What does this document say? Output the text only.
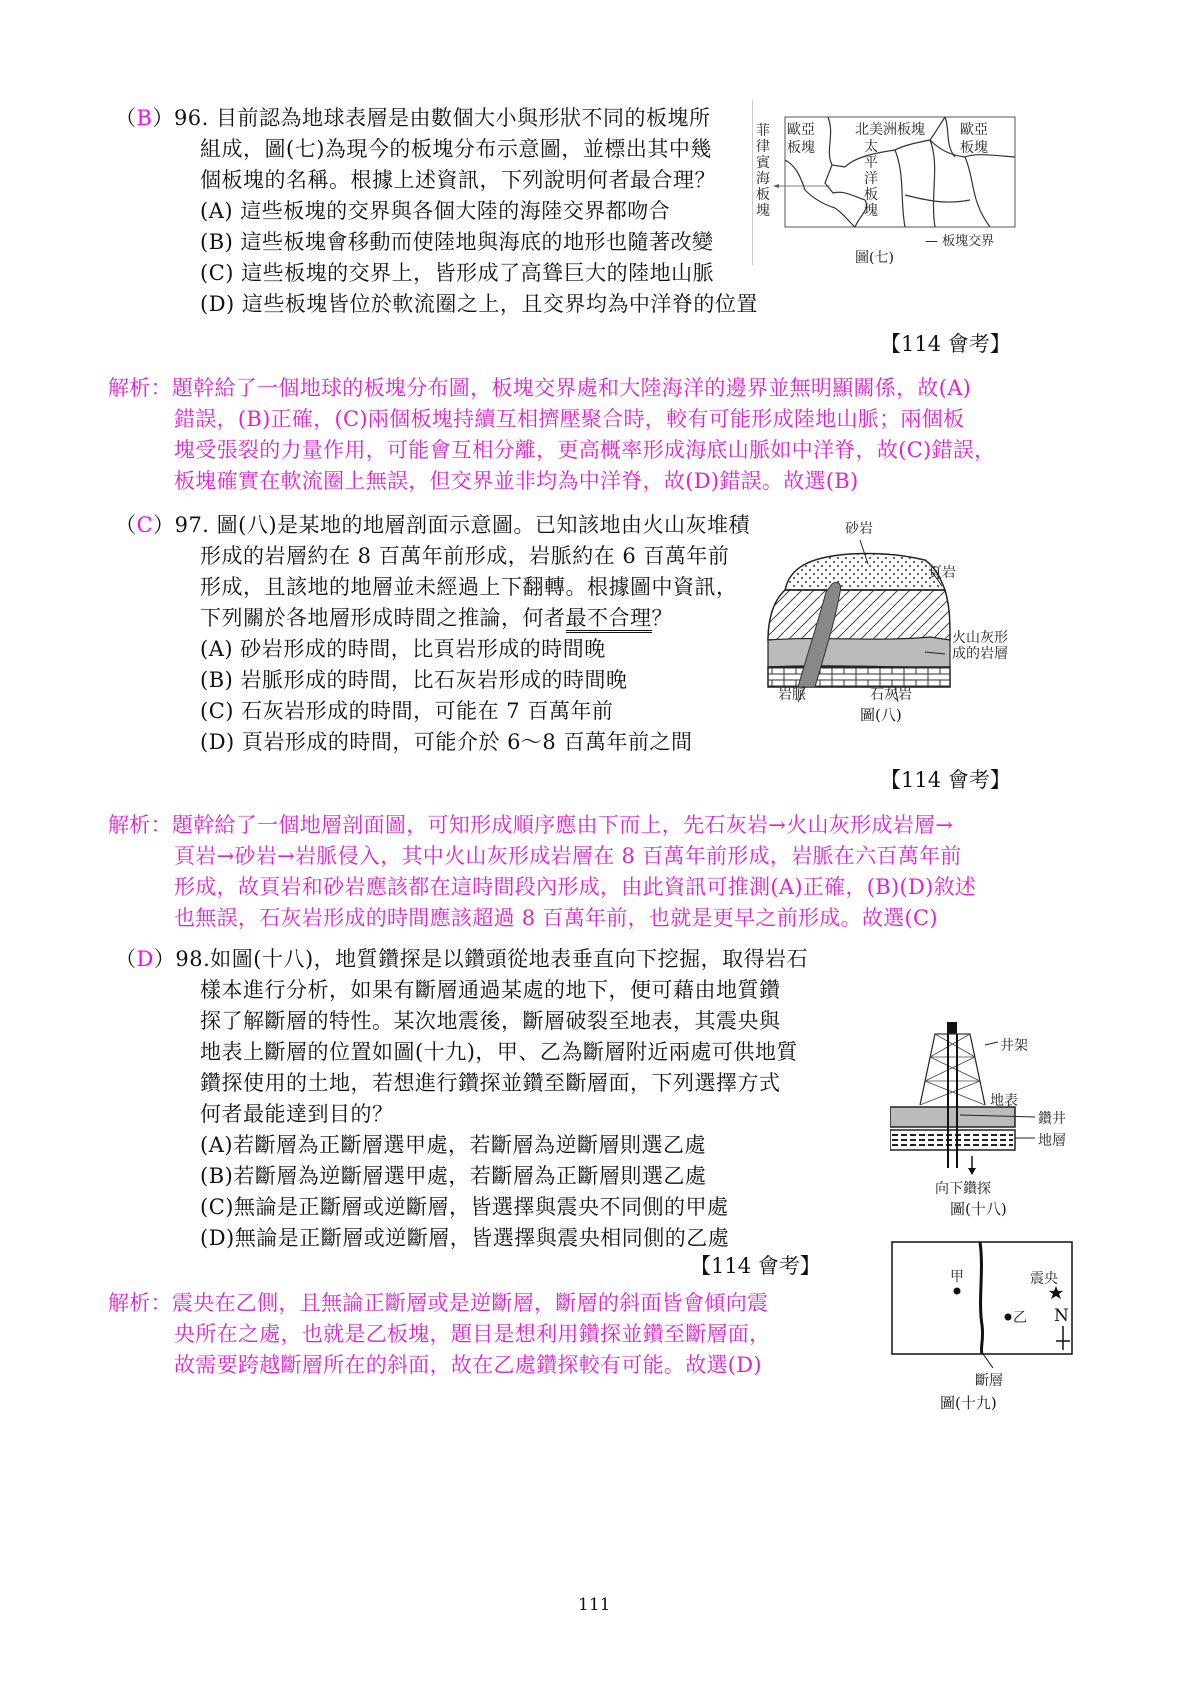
（B）96. 目前認為地球表層是由數個大小與形狀不同的板塊所
組成，圖(七)為現今的板塊分布示意圖，並標出其中幾
個板塊的名稱。根據上述資訊，下列說明何者最合理？
(A) 這些板塊的交界與各個大陸的海陸交界都吻合
(B) 這些板塊會移動而使陸地與海底的地形也隨著改變
(C) 這些板塊的交界上，皆形成了高聳巨大的陸地山脈
(D) 這些板塊皆位於軟流圈之上，且交界均為中洋脊的位置
菲
律
賓
海
板
塊
歐亞
板塊
北美洲板塊	歐亞
板塊
太
平
洋
板
塊
— 板塊交界
圖(七)
【114 會考】
解析：題幹給了一個地球的板塊分布圖，板塊交界處和大陸海洋的邊界並無明顯關係，故(A)
錯誤，(B)正確，(C)兩個板塊持續互相擠壓聚合時，較有可能形成陸地山脈；兩個板
塊受張裂的力量作用，可能會互相分離，更高概率形成海底山脈如中洋脊，故(C)錯誤，
板塊確實在軟流圈上無誤，但交界並非均為中洋脊，故(D)錯誤。故選(B)
（C）97. 圖(八)是某地的地層剖面示意圖。已知該地由火山灰堆積
形成的岩層約在 8 百萬年前形成，岩脈約在 6 百萬年前
形成，且該地的地層並未經過上下翻轉。根據圖中資訊，
下列關於各地層形成時間之推論，何者最不合理？
(A) 砂岩形成的時間，比頁岩形成的時間晚
(B) 岩脈形成的時間，比石灰岩形成的時間晚
(C) 石灰岩形成的時間，可能在 7 百萬年前
(D) 頁岩形成的時間，可能介於 6～8 百萬年前之間
砂岩
頁岩
火山灰形
成的岩層
岩脈	石灰岩
圖(八)
【114 會考】
解析：題幹給了一個地層剖面圖，可知形成順序應由下而上，先石灰岩→火山灰形成岩層→
頁岩→砂岩→岩脈侵入，其中火山灰形成岩層在 8 百萬年前形成，岩脈在六百萬年前
形成，故頁岩和砂岩應該都在這時間段內形成，由此資訊可推測(A)正確，(B)(D)敘述
也無誤，石灰岩形成的時間應該超過 8 百萬年前，也就是更早之前形成。故選(C)
（D）98.如圖(十八)，地質鑽探是以鑽頭從地表垂直向下挖掘，取得岩石
樣本進行分析，如果有斷層通過某處的地下，便可藉由地質鑽
探了解斷層的特性。某次地震後，斷層破裂至地表，其震央與
地表上斷層的位置如圖(十九)，甲、乙為斷層附近兩處可供地質
鑽探使用的土地，若想進行鑽探並鑽至斷層面，下列選擇方式
何者最能達到目的？
(A)若斷層為正斷層選甲處，若斷層為逆斷層則選乙處
(B)若斷層為逆斷層選甲處，若斷層為正斷層則選乙處
(C)無論是正斷層或逆斷層，皆選擇與震央不同側的甲處
(D)無論是正斷層或逆斷層，皆選擇與震央相同側的乙處
【114 會考】
井架
地表
鑽井
地層
向下鑽探
圖(十八)
甲
乙
震央
N
斷層
圖(十九)
解析：震央在乙側，且無論正斷層或是逆斷層，斷層的斜面皆會傾向震
央所在之處，也就是乙板塊，題目是想利用鑽探並鑽至斷層面，
故需要跨越斷層所在的斜面，故在乙處鑽探較有可能。故選(D)
111
